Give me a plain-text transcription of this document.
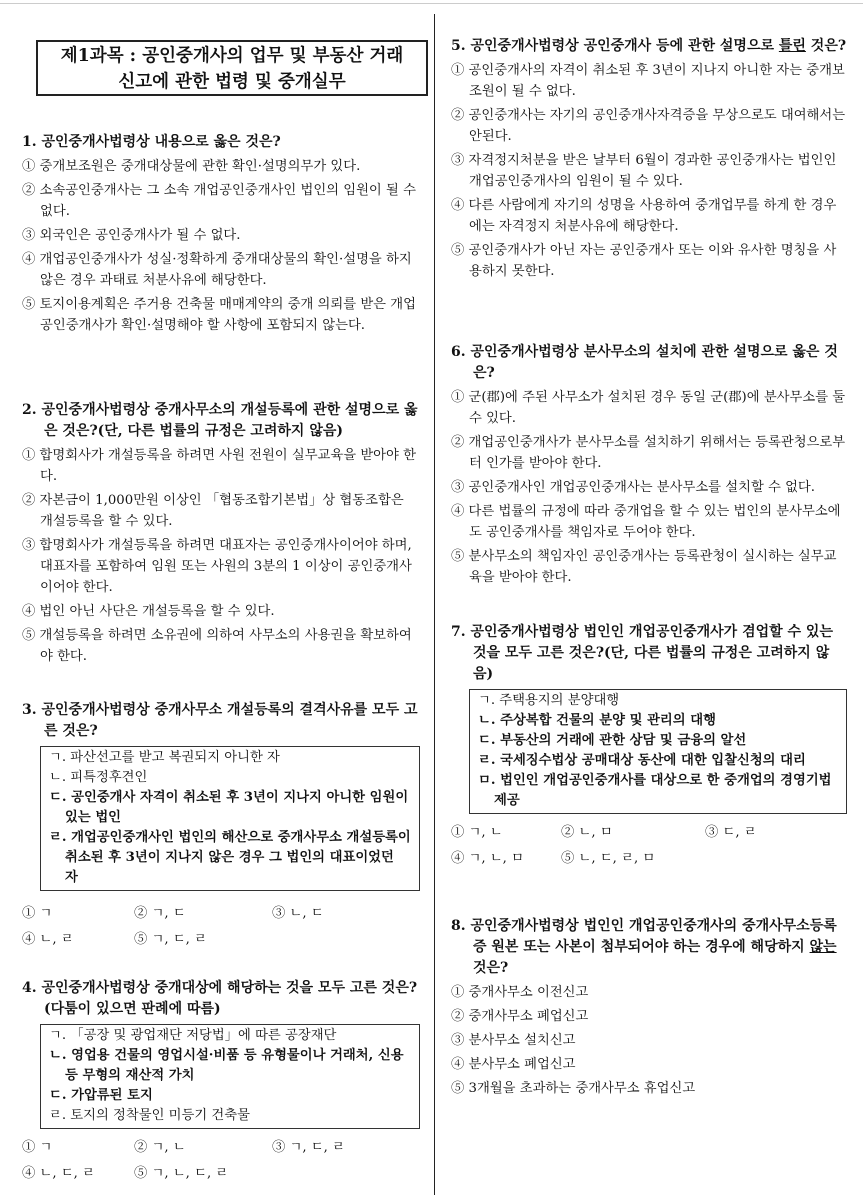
제1과목 : 공인중개사의 업무 및 부동산 거래
신고에 관한 법령 및 중개실무

1. 공인중개사법령상 내용으로 옳은 것은?

① 중개보조원은 중개대상물에 관한 확인·설명의무가 있다.

② 소속공인중개사는 그 소속 개업공인중개사인 법인의 임원이 될 수 없다.

③ 외국인은 공인중개사가 될 수 없다.

④ 개업공인중개사가 성실·정확하게 중개대상물의 확인·설명을 하지 않은 경우 과태료 처분사유에 해당한다.

⑤ 토지이용계획은 주거용 건축물 매매계약의 중개 의뢰를 받은 개업공인중개사가 확인·설명해야 할 사항에 포함되지 않는다.

2. 공인중개사법령상 중개사무소의 개설등록에 관한 설명으로 옳은 것은?(단, 다른 법률의 규정은 고려하지 않음)

① 합명회사가 개설등록을 하려면 사원 전원이 실무교육을 받아야 한다.

② 자본금이 1,000만원 이상인 「협동조합기본법」상 협동조합은 개설등록을 할 수 있다.

③ 합명회사가 개설등록을 하려면 대표자는 공인중개사이어야 하며, 대표자를 포함하여 임원 또는 사원의 3분의 1 이상이 공인중개사이어야 한다.

④ 법인 아닌 사단은 개설등록을 할 수 있다.

⑤ 개설등록을 하려면 소유권에 의하여 사무소의 사용권을 확보하여야 한다.

3. 공인중개사법령상 중개사무소 개설등록의 결격사유를 모두 고른 것은?

ㄱ. 파산선고를 받고 복권되지 아니한 자
ㄴ. 피특정후견인
ㄷ. 공인중개사 자격이 취소된 후 3년이 지나지 아니한 임원이 있는 법인
ㄹ. 개업공인중개사인 법인의 해산으로 중개사무소 개설등록이 취소된 후 3년이 지나지 않은 경우 그 법인의 대표이었던 자
① ㄱ	② ㄱ, ㄷ	③ ㄴ, ㄷ
④ ㄴ, ㄹ	⑤ ㄱ, ㄷ, ㄹ

4. 공인중개사법령상 중개대상에 해당하는 것을 모두 고른 것은?(다툼이 있으면 판례에 따름)

ㄱ. 「공장 및 광업재단 저당법」에 따른 공장재단
ㄴ. 영업용 건물의 영업시설·비품 등 유형물이나 거래처, 신용 등 무형의 재산적 가치
ㄷ. 가압류된 토지
ㄹ. 토지의 정착물인 미등기 건축물
① ㄱ	② ㄱ, ㄴ	③ ㄱ, ㄷ, ㄹ
④ ㄴ, ㄷ, ㄹ	⑤ ㄱ, ㄴ, ㄷ, ㄹ

5. 공인중개사법령상 공인중개사 등에 관한 설명으로 틀린 것은?

① 공인중개사의 자격이 취소된 후 3년이 지나지 아니한 자는 중개보조원이 될 수 없다.

② 공인중개사는 자기의 공인중개사자격증을 무상으로도 대여해서는 안된다.

③ 자격정지처분을 받은 날부터 6월이 경과한 공인중개사는 법인인 개업공인중개사의 임원이 될 수 있다.

④ 다른 사람에게 자기의 성명을 사용하여 중개업무를 하게 한 경우에는 자격정지 처분사유에 해당한다.

⑤ 공인중개사가 아닌 자는 공인중개사 또는 이와 유사한 명칭을 사용하지 못한다.

6. 공인중개사법령상 분사무소의 설치에 관한 설명으로 옳은 것은?

① 군(郡)에 주된 사무소가 설치된 경우 동일 군(郡)에 분사무소를 둘 수 있다.

② 개업공인중개사가 분사무소를 설치하기 위해서는 등록관청으로부터 인가를 받아야 한다.

③ 공인중개사인 개업공인중개사는 분사무소를 설치할 수 없다.

④ 다른 법률의 규정에 따라 중개업을 할 수 있는 법인의 분사무소에도 공인중개사를 책임자로 두어야 한다.

⑤ 분사무소의 책임자인 공인중개사는 등록관청이 실시하는 실무교육을 받아야 한다.

7. 공인중개사법령상 법인인 개업공인중개사가 겸업할 수 있는 것을 모두 고른 것은?(단, 다른 법률의 규정은 고려하지 않음)

ㄱ. 주택용지의 분양대행
ㄴ. 주상복합 건물의 분양 및 관리의 대행
ㄷ. 부동산의 거래에 관한 상담 및 금융의 알선
ㄹ. 국세징수법상 공매대상 동산에 대한 입찰신청의 대리
ㅁ. 법인인 개업공인중개사를 대상으로 한 중개업의 경영기법 제공
① ㄱ, ㄴ	② ㄴ, ㅁ	③ ㄷ, ㄹ
④ ㄱ, ㄴ, ㅁ	⑤ ㄴ, ㄷ, ㄹ, ㅁ

8. 공인중개사법령상 법인인 개업공인중개사의 중개사무소등록증 원본 또는 사본이 첨부되어야 하는 경우에 해당하지 않는 것은?

① 중개사무소 이전신고

② 중개사무소 폐업신고

③ 분사무소 설치신고

④ 분사무소 폐업신고

⑤ 3개월을 초과하는 중개사무소 휴업신고
